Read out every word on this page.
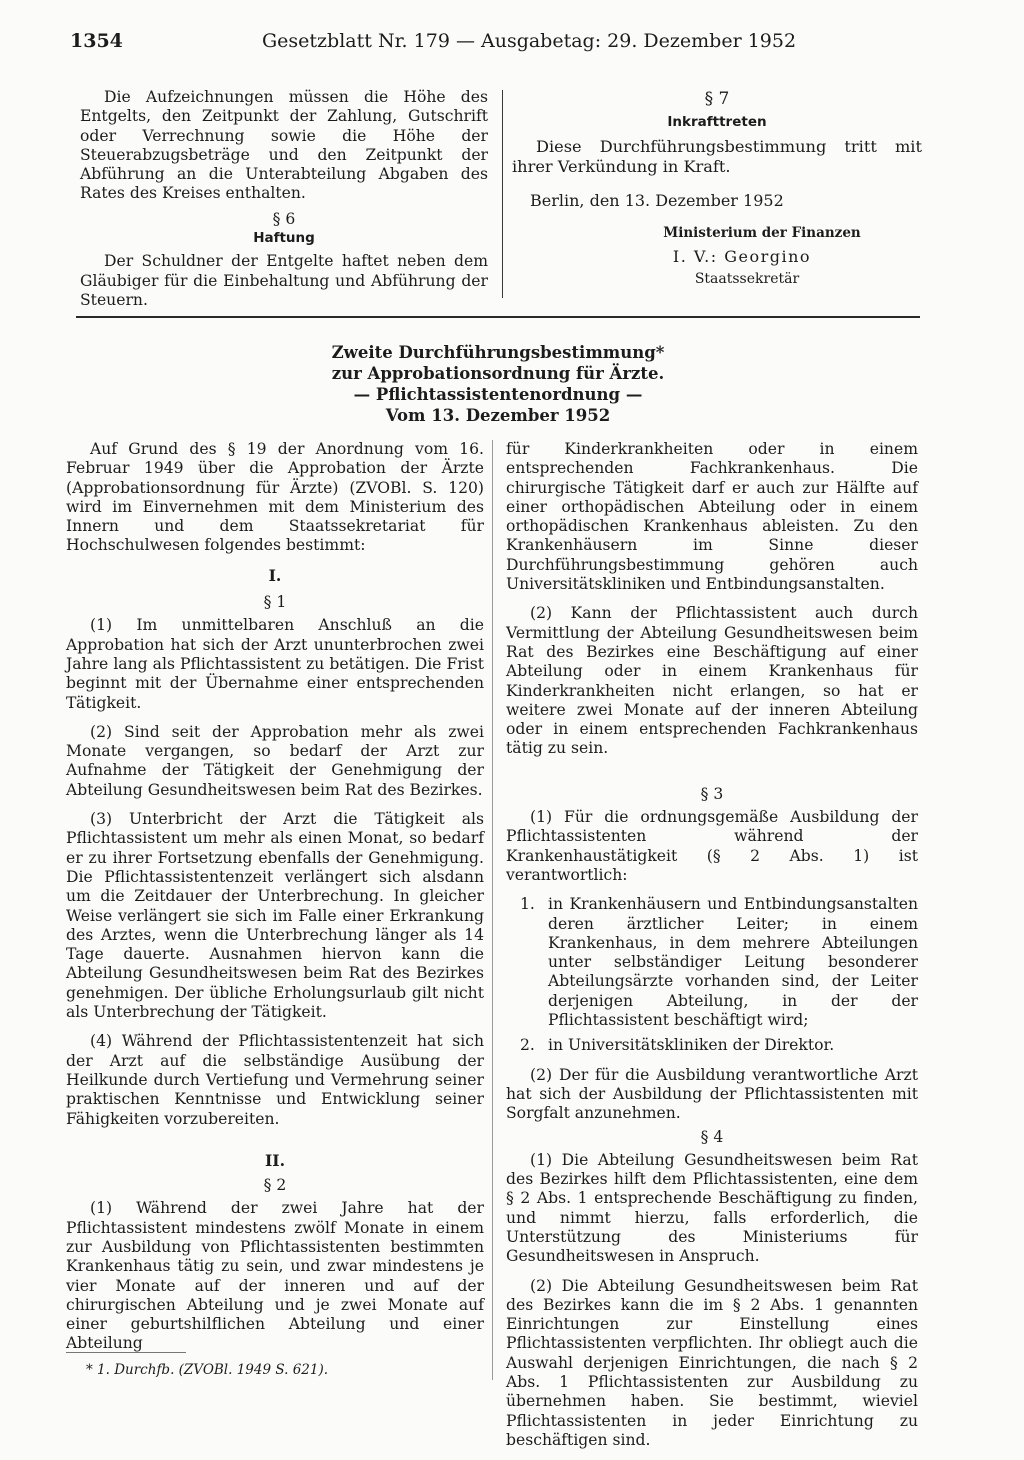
1354	Gesetzblatt Nr. 179 — Ausgabetag: 29. Dezember 1952

Die Aufzeichnungen müssen die Höhe des Entgelts, den Zeitpunkt der Zahlung, Gutschrift oder Verrechnung sowie die Höhe der Steuerabzugsbeträge und den Zeitpunkt der Abführung an die Unterabteilung Abgaben des Rates des Kreises enthalten.

§ 6
Haftung

Der Schuldner der Entgelte haftet neben dem Gläubiger für die Einbehaltung und Abführung der Steuern.

§ 7
Inkrafttreten

Diese Durchführungsbestimmung tritt mit ihrer Verkündung in Kraft.

Berlin, den 13. Dezember 1952
Ministerium der Finanzen
I. V.: Georgino
Staatssekretär
Zweite Durchführungsbestimmung*
zur Approbationsordnung für Ärzte.
— Pflichtassistentenordnung —
Vom 13. Dezember 1952

Auf Grund des § 19 der Anordnung vom 16. Februar 1949 über die Approbation der Ärzte (Approbationsordnung für Ärzte) (ZVOBl. S. 120) wird im Einvernehmen mit dem Ministerium des Innern und dem Staatssekretariat für Hochschulwesen folgendes bestimmt:

I.
§ 1

(1) Im unmittelbaren Anschluß an die Approbation hat sich der Arzt ununterbrochen zwei Jahre lang als Pflichtassistent zu betätigen. Die Frist beginnt mit der Übernahme einer entsprechenden Tätigkeit.

(2) Sind seit der Approbation mehr als zwei Monate vergangen, so bedarf der Arzt zur Aufnahme der Tätigkeit der Genehmigung der Abteilung Gesundheitswesen beim Rat des Bezirkes.

(3) Unterbricht der Arzt die Tätigkeit als Pflichtassistent um mehr als einen Monat, so bedarf er zu ihrer Fortsetzung ebenfalls der Genehmigung. Die Pflichtassistentenzeit verlängert sich alsdann um die Zeitdauer der Unterbrechung. In gleicher Weise verlängert sie sich im Falle einer Erkrankung des Arztes, wenn die Unterbrechung länger als 14 Tage dauerte. Ausnahmen hiervon kann die Abteilung Gesundheitswesen beim Rat des Bezirkes genehmigen. Der übliche Erholungsurlaub gilt nicht als Unterbrechung der Tätigkeit.

(4) Während der Pflichtassistentenzeit hat sich der Arzt auf die selbständige Ausübung der Heilkunde durch Vertiefung und Vermehrung seiner praktischen Kenntnisse und Entwicklung seiner Fähigkeiten vorzubereiten.

II.
§ 2

(1) Während der zwei Jahre hat der Pflichtassistent mindestens zwölf Monate in einem zur Ausbildung von Pflichtassistenten bestimmten Krankenhaus tätig zu sein, und zwar mindestens je vier Monate auf der inneren und auf der chirurgischen Abteilung und je zwei Monate auf einer geburtshilflichen Abteilung und einer Abteilung

* 1. Durchfb. (ZVOBl. 1949 S. 621).

für Kinderkrankheiten oder in einem entsprechenden Fachkrankenhaus. Die chirurgische Tätigkeit darf er auch zur Hälfte auf einer orthopädischen Abteilung oder in einem orthopädischen Krankenhaus ableisten. Zu den Krankenhäusern im Sinne dieser Durchführungsbestimmung gehören auch Universitätskliniken und Entbindungsanstalten.

(2) Kann der Pflichtassistent auch durch Vermittlung der Abteilung Gesundheitswesen beim Rat des Bezirkes eine Beschäftigung auf einer Abteilung oder in einem Krankenhaus für Kinderkrankheiten nicht erlangen, so hat er weitere zwei Monate auf der inneren Abteilung oder in einem entsprechenden Fachkrankenhaus tätig zu sein.

§ 3

(1) Für die ordnungsgemäße Ausbildung der Pflichtassistenten während der Krankenhaustätigkeit (§ 2 Abs. 1) ist verantwortlich:

1. in Krankenhäusern und Entbindungsanstalten deren ärztlicher Leiter; in einem Krankenhaus, in dem mehrere Abteilungen unter selbständiger Leitung besonderer Abteilungsärzte vorhanden sind, der Leiter derjenigen Abteilung, in der der Pflichtassistent beschäftigt wird;
2. in Universitätskliniken der Direktor.

(2) Der für die Ausbildung verantwortliche Arzt hat sich der Ausbildung der Pflichtassistenten mit Sorgfalt anzunehmen.

§ 4

(1) Die Abteilung Gesundheitswesen beim Rat des Bezirkes hilft dem Pflichtassistenten, eine dem § 2 Abs. 1 entsprechende Beschäftigung zu finden, und nimmt hierzu, falls erforderlich, die Unterstützung des Ministeriums für Gesundheitswesen in Anspruch.

(2) Die Abteilung Gesundheitswesen beim Rat des Bezirkes kann die im § 2 Abs. 1 genannten Einrichtungen zur Einstellung eines Pflichtassistenten verpflichten. Ihr obliegt auch die Auswahl derjenigen Einrichtungen, die nach § 2 Abs. 1 Pflichtassistenten zur Ausbildung zu übernehmen haben. Sie bestimmt, wieviel Pflichtassistenten in jeder Einrichtung zu beschäftigen sind.
